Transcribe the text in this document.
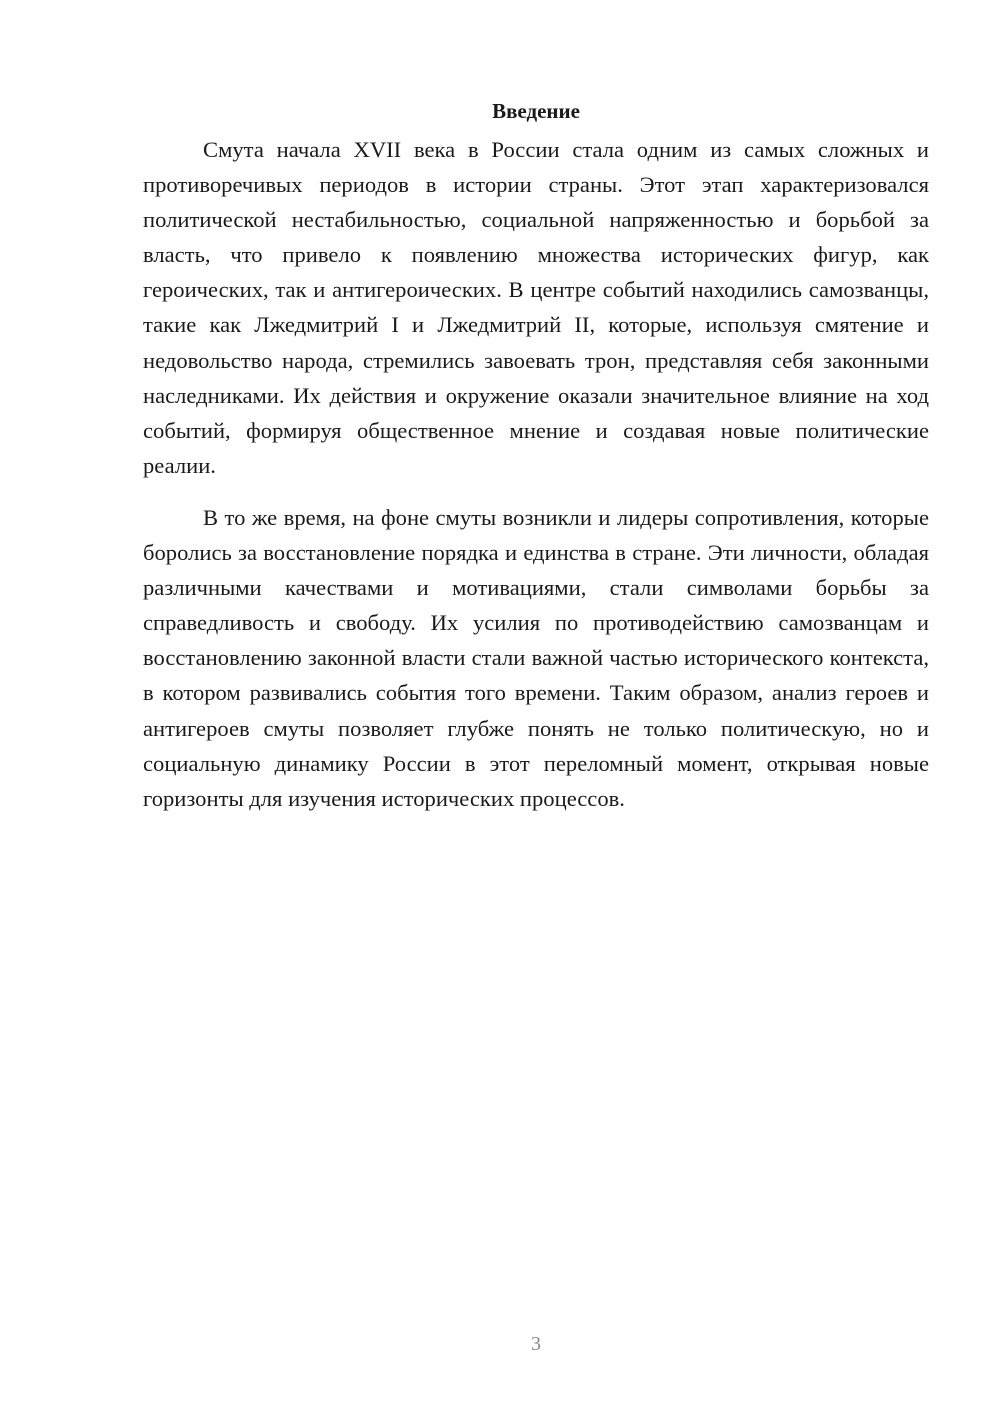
Введение

Смута начала XVII века в России стала одним из самых сложных и противоречивых периодов в истории страны. Этот этап характеризовался политической нестабильностью, социальной напряженностью и борьбой за власть, что привело к появлению множества исторических фигур, как героических, так и антигероических. В центре событий находились самозванцы, такие как Лжедмитрий I и Лжедмитрий II, которые, используя смятение и недовольство народа, стремились завоевать трон, представляя себя законными наследниками. Их действия и окружение оказали значительное влияние на ход событий, формируя общественное мнение и создавая новые политические реалии.

В то же время, на фоне смуты возникли и лидеры сопротивления, которые боролись за восстановление порядка и единства в стране. Эти личности, обладая различными качествами и мотивациями, стали символами борьбы за справедливость и свободу. Их усилия по противодействию самозванцам и восстановлению законной власти стали важной частью исторического контекста, в котором развивались события того времени. Таким образом, анализ героев и антигероев смуты позволяет глубже понять не только политическую, но и социальную динамику России в этот переломный момент, открывая новые горизонты для изучения исторических процессов.

3
